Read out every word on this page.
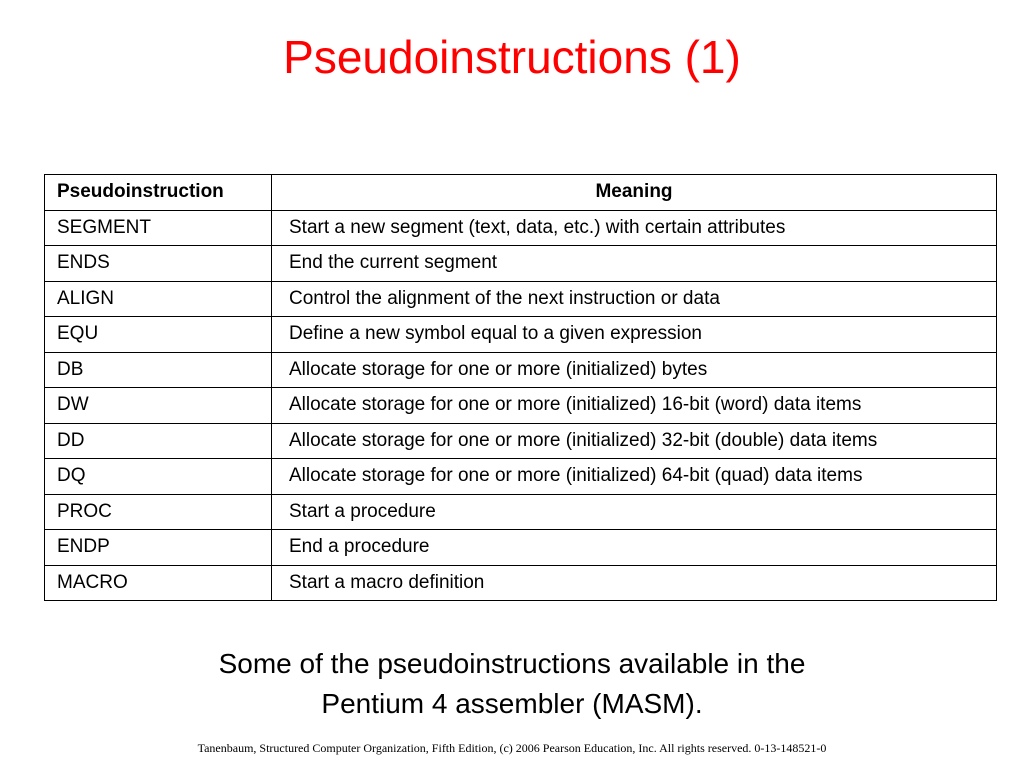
Pseudoinstructions (1)
Pseudoinstruction	Meaning
SEGMENT	Start a new segment (text, data, etc.) with certain attributes
ENDS	End the current segment
ALIGN	Control the alignment of the next instruction or data
EQU	Define a new symbol equal to a given expression
DB	Allocate storage for one or more (initialized) bytes
DW	Allocate storage for one or more (initialized) 16-bit (word) data items
DD	Allocate storage for one or more (initialized) 32-bit (double) data items
DQ	Allocate storage for one or more (initialized) 64-bit (quad) data items
PROC	Start a procedure
ENDP	End a procedure
MACRO	Start a macro definition
Some of the pseudoinstructions available in the
Pentium 4 assembler (MASM).
Tanenbaum, Structured Computer Organization, Fifth Edition, (c) 2006 Pearson Education, Inc. All rights reserved. 0-13-148521-0
